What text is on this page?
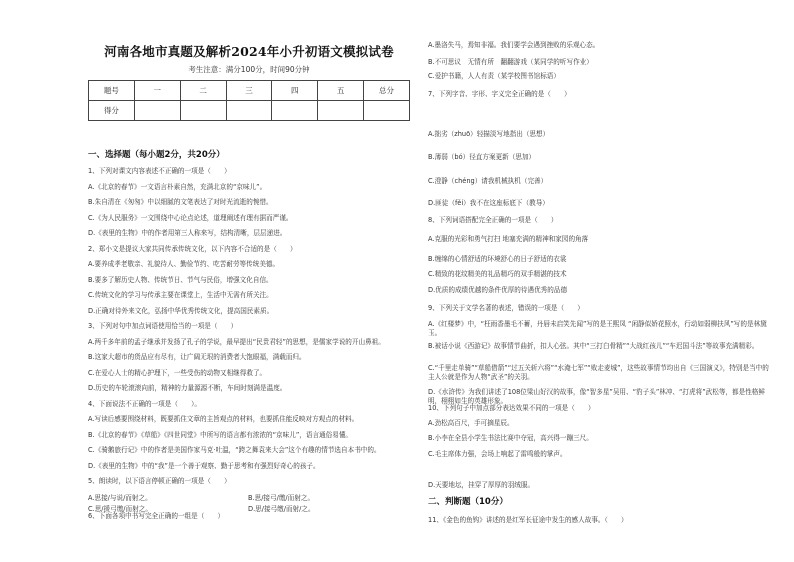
河南各地市真题及解析2024年小升初语文模拟试卷
考生注意：满分100分，时间90分钟
题号	一	二	三	四	五	总分
得分						
一、选择题（每小题2分，共20分）
1、下列对课文内容表述不正确的一项是（　　）
A.《北京的春节》一文语言朴素自然，充满北京的“京味儿”。
B.朱自清在《匆匆》中以细腻的文笔表达了对时光流逝的惋惜。
C.《为人民服务》一文围绕中心论点论述，道理阐述有理有据而严谨。
D.《表里的生物》中的作者用第三人称来写，结构清晰，层层递进。
2、郑小文是提议大家共同传承传统文化，以下内容不合适的是（　　）
A.要养成孝老敬亲、礼貌待人、勤俭节约、吃苦耐劳等传统美德。
B.要多了解历史人物、传统节日、节气与民俗，增强文化自信。
C.传统文化的学习与传承主要在课堂上，生活中无需有所关注。
D.正确对待外来文化，弘扬中华优秀传统文化，提高国民素质。
3、下列对句中加点词语使用恰当的一项是（　　）
A.两千多年前的孟子继承并发扬了孔子的学说，最早提出“民贵君轻”的思想，是儒家学说的开山鼻祖。
B.这家大超市的货品应有尽有，让广阔无垠的消费者大饱眼福，满载而归。
C.在爱心人士的精心护理下，一些受伤的动物又相继得救了。
D.历史的车轮滚滚向前，精神的力量源源不断，车间时刻满是温度。
4、下面说法不正确的一项是（　　）。
A.写读后感要围绕材料，既要抓住文章的主旨观点的材料，也要抓住能反映对方观点的材料。
B.《北京的春节》《草船》《四世同堂》中所写的语言都有浓浓的“京味儿”，语言通俗易懂。
C.《骑鹅旅行记》中的作者是美国作家马克·吐温，“跨之舞袁来大会”这个有趣的情节选自本书中的。
D.《表里的生物》中的“我”是一个善于观察、勤于思考和有强烈好奇心的孩子。
5、朗读时，以下语言停顿正确的一项是（　　）
A.思接/与说/而射之。	B.思/接弓/缴/而射之。
C.思/援弓缴/而射之。	D.思/接弓缴/而射/之。
6、下面各项中书写完全正确的一组是（　　）
A.墨洛失马，焉知非福。我们要学会遇到挫败的乐观心态。
B.不可思议　无情有所　翻翻游戏（某同学的听写作业）
C.爱护书籍，人人有责（某学校图书馆标语）
7、下列字音、字形、字义完全正确的是（　　）
A.拙劣（zhuō）轻描淡写地指出（思想）
B.薄弱（bó）径直方案更新（思加）
C.澄静（chéng）请我机械执机（完善）
D.匪徒（fěi）我不在这座标底下（教导）
8、下列词语搭配完全正确的一项是（　　）
A.克服的光彩和勇气打扫 地塞充满的精神和家园的角落
B.缠绵的心情舒适的环境舒心的日子舒适的衣裳
C.精致的花纹精美的礼品精巧的双手精湛的技术
D.优质的成绩优越的条件优厚的待遇优秀的品德
9、下列关于文学名著的表述，错误的一项是（　　）
A.《红楼梦》中，“枉雨香墨毛不蓄，丹唇未启笑先闻”写的是王熙凤 “闲静似娇花照水，行动如弱柳扶风”写的是林黛玉。
B.被话小说《西游记》故事情节曲折，扣人心弦。其中“三打白骨精”“大战红孩儿”“车迟国斗法”等故事充满精彩。
C.“千里走单骑”“草船借箭”“过五关斩六将”“水淹七军”“败走麦城”，这些故事情节均出自《三国演义》，特别是当中的主人公就是作为人物“武圣”的关羽。
D.《水浒传》为我们讲述了108位梁山好汉的故事，像“智多星”吴用、“豹子头”林冲、“打虎将”武松等，都是性格鲜明，栩栩如生的英雄形象。
10、下列句子中加点部分表达效果不同的一项是（　　）
A.劲松高百尺，手可摘星辰。
B.小李在全县小学生书法比赛中夺冠，高兴得一蹦三尺。
C.毛主席体力强，会场上响起了雷鸣般的掌声。
D.天要地坛，挂穿了厚厚的羽绒服。
二、判断题（10分）
11、《金色的鱼钩》讲述的是红军长征途中发生的感人故事。（　　）
